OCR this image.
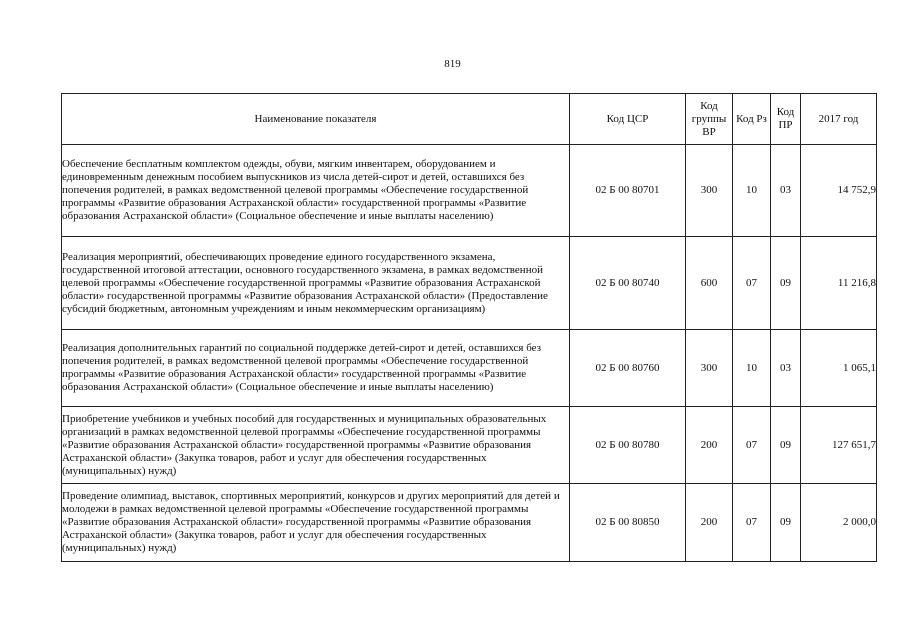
819
Наименование показателя	Код ЦСР	Код группы ВР	Код Рз	Код ПР	2017 год
Обеспечение бесплатным комплектом одежды, обуви, мягким инвентарем, оборудованием и единовременным денежным пособием выпускников из числа детей-сирот и детей, оставшихся без попечения родителей, в рамках ведомственной целевой программы «Обеспечение государственной программы «Развитие образования Астраханской области» государственной программы «Развитие образования Астраханской области» (Социальное обеспечение и иные выплаты населению)	02 Б 00 80701	300	10	03	14 752,9
Реализация мероприятий, обеспечивающих проведение единого государственного экзамена, государственной итоговой аттестации, основного государственного экзамена, в рамках ведомственной целевой программы «Обеспечение государственной программы «Развитие образования Астраханской области» государственной программы «Развитие образования Астраханской области» (Предоставление субсидий бюджетным, автономным учреждениям и иным некоммерческим организациям)	02 Б 00 80740	600	07	09	11 216,8
Реализация дополнительных гарантий по социальной поддержке детей-сирот и детей, оставшихся без попечения родителей, в рамках ведомственной целевой программы «Обеспечение государственной программы «Развитие образования Астраханской области» государственной программы «Развитие образования Астраханской области» (Социальное обеспечение и иные выплаты населению)	02 Б 00 80760	300	10	03	1 065,1
Приобретение учебников и учебных пособий для государственных и муниципальных образовательных организаций в рамках ведомственной целевой программы «Обеспечение государственной программы «Развитие образования Астраханской области» государственной программы «Развитие образования Астраханской области» (Закупка товаров, работ и услуг для обеспечения государственных (муниципальных) нужд)	02 Б 00 80780	200	07	09	127 651,7
Проведение олимпиад, выставок, спортивных мероприятий, конкурсов и других мероприятий для детей и молодежи в рамках ведомственной целевой программы «Обеспечение государственной программы «Развитие образования Астраханской области» государственной программы «Развитие образования Астраханской области» (Закупка товаров, работ и услуг для обеспечения государственных (муниципальных) нужд)	02 Б 00 80850	200	07	09	2 000,0
